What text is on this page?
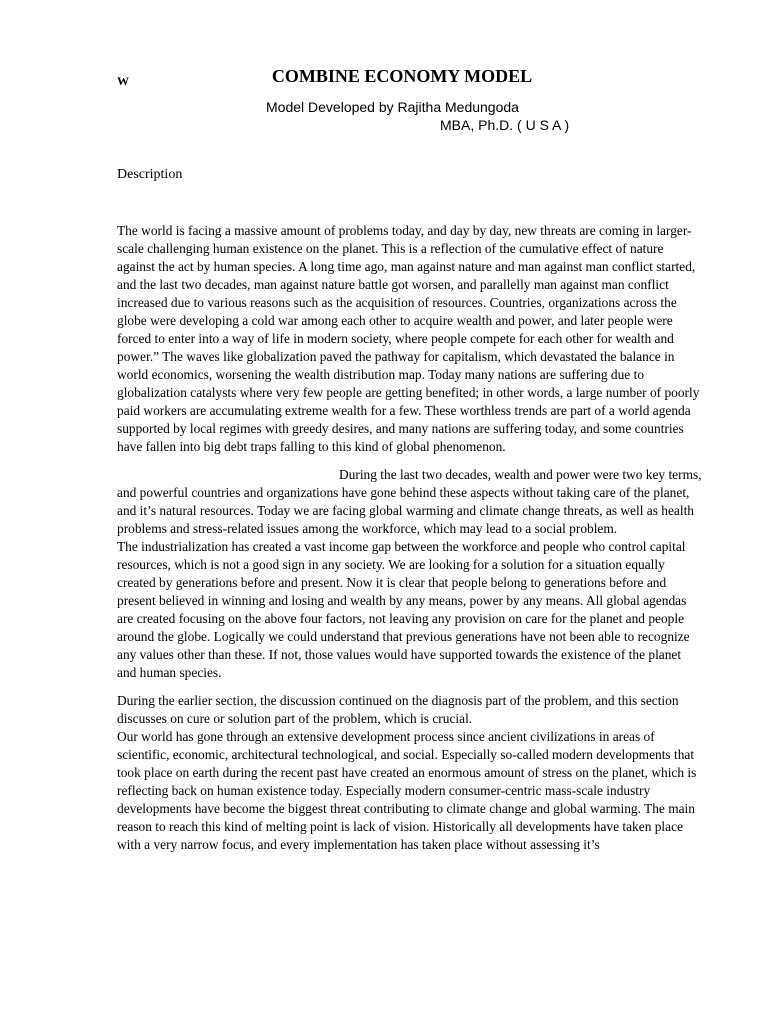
W	COMBINE ECONOMY MODEL
Model Developed by Rajitha Medungoda
MBA, Ph.D. ( U S A )
Description

The world is facing a massive amount of problems today, and day by day, new threats are coming in larger-scale challenging human existence on the planet. This is a reflection of the cumulative effect of nature against the act by human species. A long time ago, man against nature and man against man conflict started, and the last two decades, man against nature battle got worsen, and parallelly man against man conflict increased due to various reasons such as the acquisition of resources. Countries, organizations across the globe were developing a cold war among each other to acquire wealth and power, and later people were forced to enter into a way of life in modern society, where people compete for each other for wealth and power.” The waves like globalization paved the pathway for capitalism, which devastated the balance in world economics, worsening the wealth distribution map. Today many nations are suffering due to globalization catalysts where very few people are getting benefited; in other words, a large number of poorly paid workers are accumulating extreme wealth for a few. These worthless trends are part of a world agenda supported by local regimes with greedy desires, and many nations are suffering today, and some countries have fallen into big debt traps falling to this kind of global phenomenon.

During the last two decades, wealth and power were two key terms, and powerful countries and organizations have gone behind these aspects without taking care of the planet, and it’s natural resources. Today we are facing global warming and climate change threats, as well as health problems and stress-related issues among the workforce, which may lead to a social problem.

The industrialization has created a vast income gap between the workforce and people who control capital resources, which is not a good sign in any society. We are looking for a solution for a situation equally created by generations before and present. Now it is clear that people belong to generations before and present believed in winning and losing and wealth by any means, power by any means. All global agendas are created focusing on the above four factors, not leaving any provision on care for the planet and people around the globe. Logically we could understand that previous generations have not been able to recognize any values other than these. If not, those values would have supported towards the existence of the planet and human species.

During the earlier section, the discussion continued on the diagnosis part of the problem, and this section discusses on cure or solution part of the problem, which is crucial.

Our world has gone through an extensive development process since ancient civilizations in areas of scientific, economic, architectural technological, and social. Especially so-called modern developments that took place on earth during the recent past have created an enormous amount of stress on the planet, which is reflecting back on human existence today. Especially modern consumer-centric mass-scale industry developments have become the biggest threat contributing to climate change and global warming. The main reason to reach this kind of melting point is lack of vision. Historically all developments have taken place with a very narrow focus, and every implementation has taken place without assessing it’s
